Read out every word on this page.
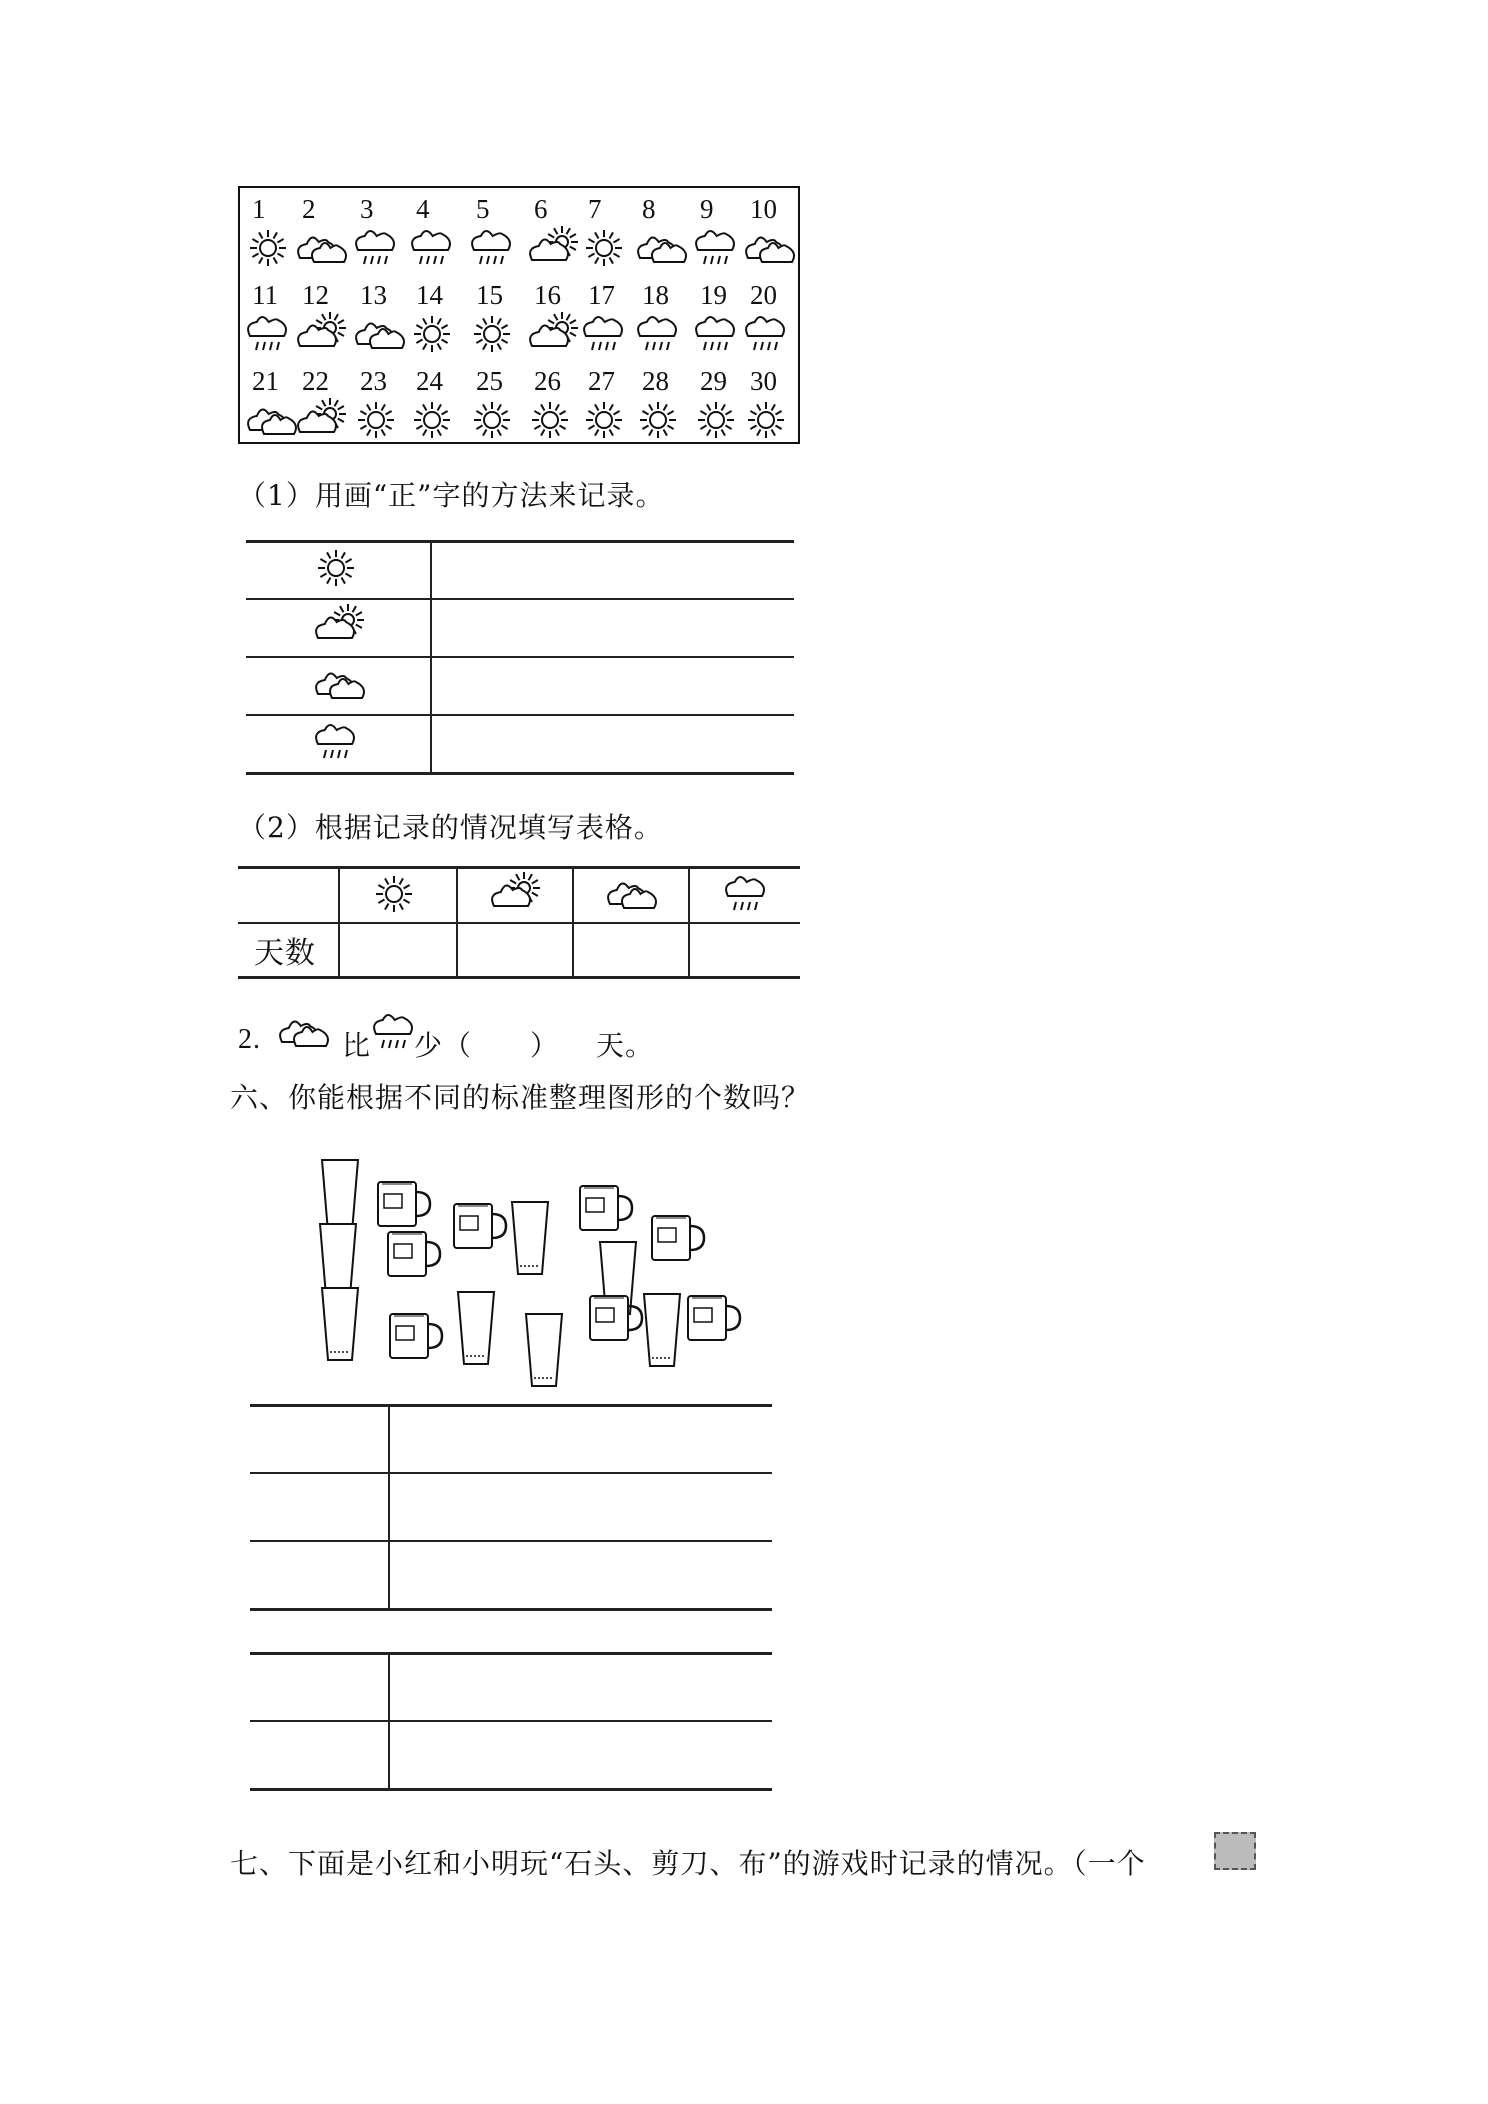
1 2 3 4 5 6 7 8 9 10
11 12 13 14 15 16 17 18 19 20
21 22 23 24 25 26 27 28 29 30
（1）用画“正”字的方法来记录。
（2）根据记录的情况填写表格。
天数
2.	比 少（　　） 天。
六、你能根据不同的标准整理图形的个数吗？
七、下面是小红和小明玩“石头、剪刀、布”的游戏时记录的情况。（一个
